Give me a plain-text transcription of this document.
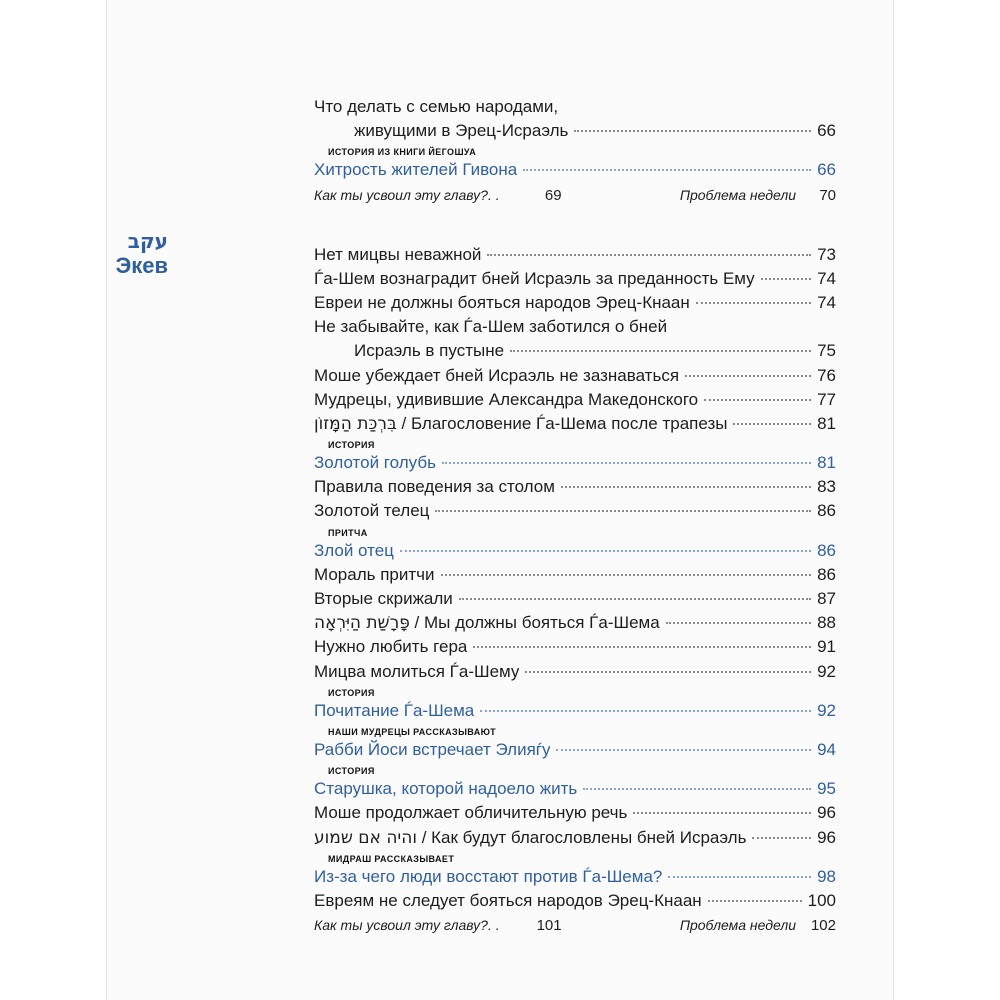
עקב
Экев
Что делать с семью народами,
живущими в Эрец-Исраэль	66
ИСТОРИЯ ИЗ КНИГИ ЙЕГОШУА
Хитрость жителей Гивона	66
Как ты усвоил эту главу? . .	69	Проблема недели	70
Нет мицвы неважной	73
Ѓа-Шем вознаградит бней Исраэль за преданность Ему	74
Евреи не должны бояться народов Эрец-Кнаан	74
Не забывайте, как Ѓа-Шем заботился о бней
Исраэль в пустыне	75
Моше убеждает бней Исраэль не зазнаваться	76
Мудрецы, удивившие Александра Македонского	77
בִּרְכַּת הַמָּזוֹן / Благословение Ѓа-Шема после трапезы	81
ИСТОРИЯ
Золотой голубь	81
Правила поведения за столом	83
Золотой телец	86
ПРИТЧА
Злой отец	86
Мораль притчи	86
Вторые скрижали	87
פָּרָשַׁת הַיִּרְאָה / Мы должны бояться Ѓа-Шема	88
Нужно любить гера	91
Мицва молиться Ѓа-Шему	92
ИСТОРИЯ
Почитание Ѓа-Шема	92
НАШИ МУДРЕЦЫ РАССКАЗЫВАЮТ
Рабби Йоси встречает Элияѓу	94
ИСТОРИЯ
Старушка, которой надоело жить	95
Моше продолжает обличительную речь	96
והיה אם שמוע / Как будут благословлены бней Исраэль	96
МИДРАШ РАССКАЗЫВАЕТ
Из-за чего люди восстают против Ѓа-Шема?	98
Евреям не следует бояться народов Эрец-Кнаан	100
Как ты усвоил эту главу? . .	101	Проблема недели 102
